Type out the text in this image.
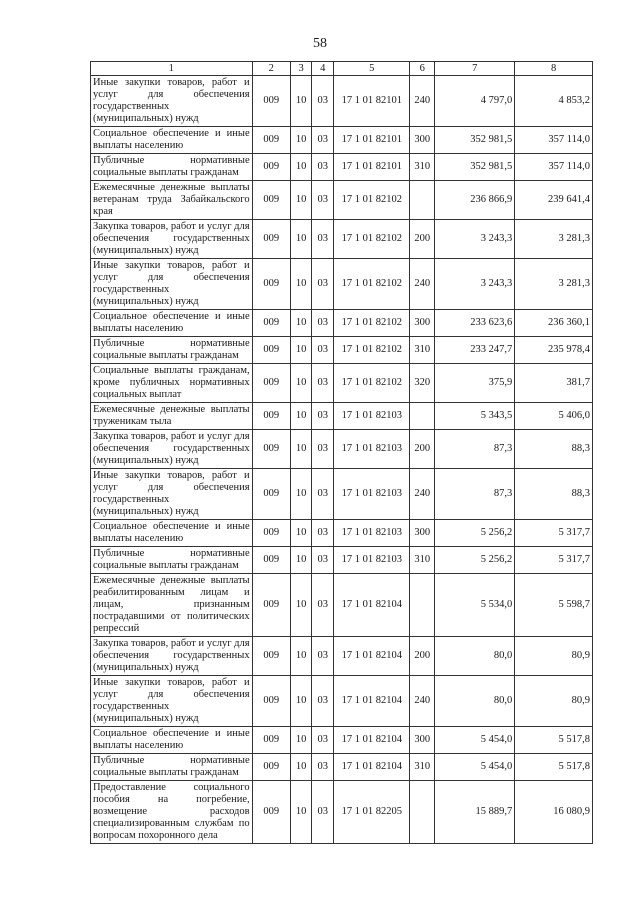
58
1	2	3	4	5	6	7	8
Иные закупки товаров, работ и услуг для обеспечения государственных (муниципальных) нужд	009	10	03	17 1 01 82101	240	4 797,0	4 853,2
Социальное обеспечение и иные выплаты населению	009	10	03	17 1 01 82101	300	352 981,5	357 114,0
Публичные нормативные социальные выплаты гражданам	009	10	03	17 1 01 82101	310	352 981,5	357 114,0
Ежемесячные денежные выплаты ветеранам труда Забайкальского края	009	10	03	17 1 01 82102		236 866,9	239 641,4
Закупка товаров, работ и услуг для обеспечения государственных (муниципальных) нужд	009	10	03	17 1 01 82102	200	3 243,3	3 281,3
Иные закупки товаров, работ и услуг для обеспечения государственных (муниципальных) нужд	009	10	03	17 1 01 82102	240	3 243,3	3 281,3
Социальное обеспечение и иные выплаты населению	009	10	03	17 1 01 82102	300	233 623,6	236 360,1
Публичные нормативные социальные выплаты гражданам	009	10	03	17 1 01 82102	310	233 247,7	235 978,4
Социальные выплаты гражданам, кроме публичных нормативных социальных выплат	009	10	03	17 1 01 82102	320	375,9	381,7
Ежемесячные денежные выплаты труженикам тыла	009	10	03	17 1 01 82103		5 343,5	5 406,0
Закупка товаров, работ и услуг для обеспечения государственных (муниципальных) нужд	009	10	03	17 1 01 82103	200	87,3	88,3
Иные закупки товаров, работ и услуг для обеспечения государственных (муниципальных) нужд	009	10	03	17 1 01 82103	240	87,3	88,3
Социальное обеспечение и иные выплаты населению	009	10	03	17 1 01 82103	300	5 256,2	5 317,7
Публичные нормативные социальные выплаты гражданам	009	10	03	17 1 01 82103	310	5 256,2	5 317,7
Ежемесячные денежные выплаты реабилитированным лицам и лицам, признанным пострадавшими от политических репрессий	009	10	03	17 1 01 82104		5 534,0	5 598,7
Закупка товаров, работ и услуг для обеспечения государственных (муниципальных) нужд	009	10	03	17 1 01 82104	200	80,0	80,9
Иные закупки товаров, работ и услуг для обеспечения государственных (муниципальных) нужд	009	10	03	17 1 01 82104	240	80,0	80,9
Социальное обеспечение и иные выплаты населению	009	10	03	17 1 01 82104	300	5 454,0	5 517,8
Публичные нормативные социальные выплаты гражданам	009	10	03	17 1 01 82104	310	5 454,0	5 517,8
Предоставление социального пособия на погребение, возмещение расходов специализированным службам по вопросам похоронного дела	009	10	03	17 1 01 82205		15 889,7	16 080,9
